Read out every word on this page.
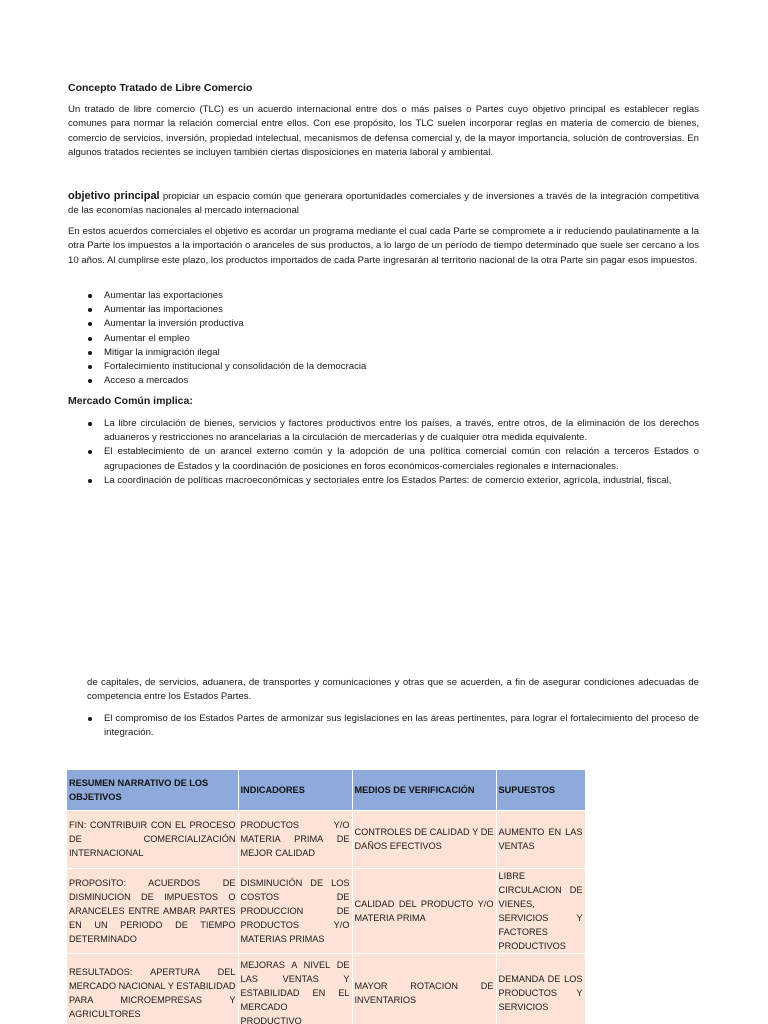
Concepto Tratado de Libre Comercio

Un tratado de libre comercio (TLC) es un acuerdo internacional entre dos o más países o Partes cuyo objetivo principal es establecer reglas comunes para normar la relación comercial entre ellos. Con ese propósito, los TLC suelen incorporar reglas en materia de comercio de bienes, comercio de servicios, inversión, propiedad intelectual, mecanismos de defensa comercial y, de la mayor importancia, solución de controversias. En algunos tratados recientes se incluyen también ciertas disposiciones en materia laboral y ambiental.

objetivo principal propiciar un espacio común que generara oportunidades comerciales y de inversiones a través de la integración competitiva de las economías nacionales al mercado internacional

En estos acuerdos comerciales el objetivo es acordar un programa mediante el cual cada Parte se compromete a ir reduciendo paulatinamente a la otra Parte los impuestos a la importación o aranceles de sus productos, a lo largo de un período de tiempo determinado que suele ser cercano a los 10 años. Al cumplirse este plazo, los productos importados de cada Parte ingresarán al territorio nacional de la otra Parte sin pagar esos impuestos.

Aumentar las exportaciones
Aumentar las importaciones
Aumentar la inversión productiva
Aumentar el empleo
Mitigar la inmigración ilegal
Fortalecimiento institucional y consolidación de la democracia
Acceso a mercados
Mercado Común implica:
La libre circulación de bienes, servicios y factores productivos entre los países, a través, entre otros, de la eliminación de los derechos aduaneros y restricciones no arancelarias a la circulación de mercaderías y de cualquier otra medida equivalente.
El establecimiento de un arancel externo común y la adopción de una política comercial común con relación a terceros Estados o agrupaciones de Estados y la coordinación de posiciones en foros económicos-comerciales regionales e internacionales.
La coordinación de políticas macroeconómicas y sectoriales entre los Estados Partes: de comercio exterior, agrícola, industrial, fiscal,

de capitales, de servicios, aduanera, de transportes y comunicaciones y otras que se acuerden, a fin de asegurar condiciones adecuadas de competencia entre los Estados Partes.

El compromiso de los Estados Partes de armonizar sus legislaciones en las áreas pertinentes, para lograr el fortalecimiento del proceso de integración.
RESUMEN NARRATIVO DE LOS OBJETIVOS	INDICADORES	MEDIOS DE VERIFICACIÓN	SUPUESTOS
FIN: CONTRIBUIR CON EL PROCESO DE COMERCIALIZACIÓN INTERNACIONAL	PRODUCTOS Y/O MATERIA PRIMA DE MEJOR CALIDAD	CONTROLES DE CALIDAD Y DE DAÑOS EFECTIVOS	AUMENTO EN LAS VENTAS
PROPOSITO: ACUERDOS DE DISMINUCION DE IMPUESTOS O ARANCELES ENTRE AMBAR PARTES EN UN PERIODO DE TIEMPO DETERMINADO	DISMINUCIÓN DE LOS COSTOS DE PRODUCCION DE PRODUCTOS Y/O MATERIAS PRIMAS	CALIDAD DEL PRODUCTO Y/O MATERIA PRIMA	LIBRE CIRCULACION DE VIENES, SERVICIOS Y FACTORES PRODUCTIVOS
RESULTADOS: APERTURA DEL MERCADO NACIONAL Y ESTABILIDAD PARA MICROEMPRESAS Y AGRICULTORES	MEJORAS A NIVEL DE LAS VENTAS Y ESTABILIDAD EN EL MERCADO PRODUCTIVO	MAYOR ROTACION DE INVENTARIOS	DEMANDA DE LOS PRODUCTOS Y SERVICIOS
